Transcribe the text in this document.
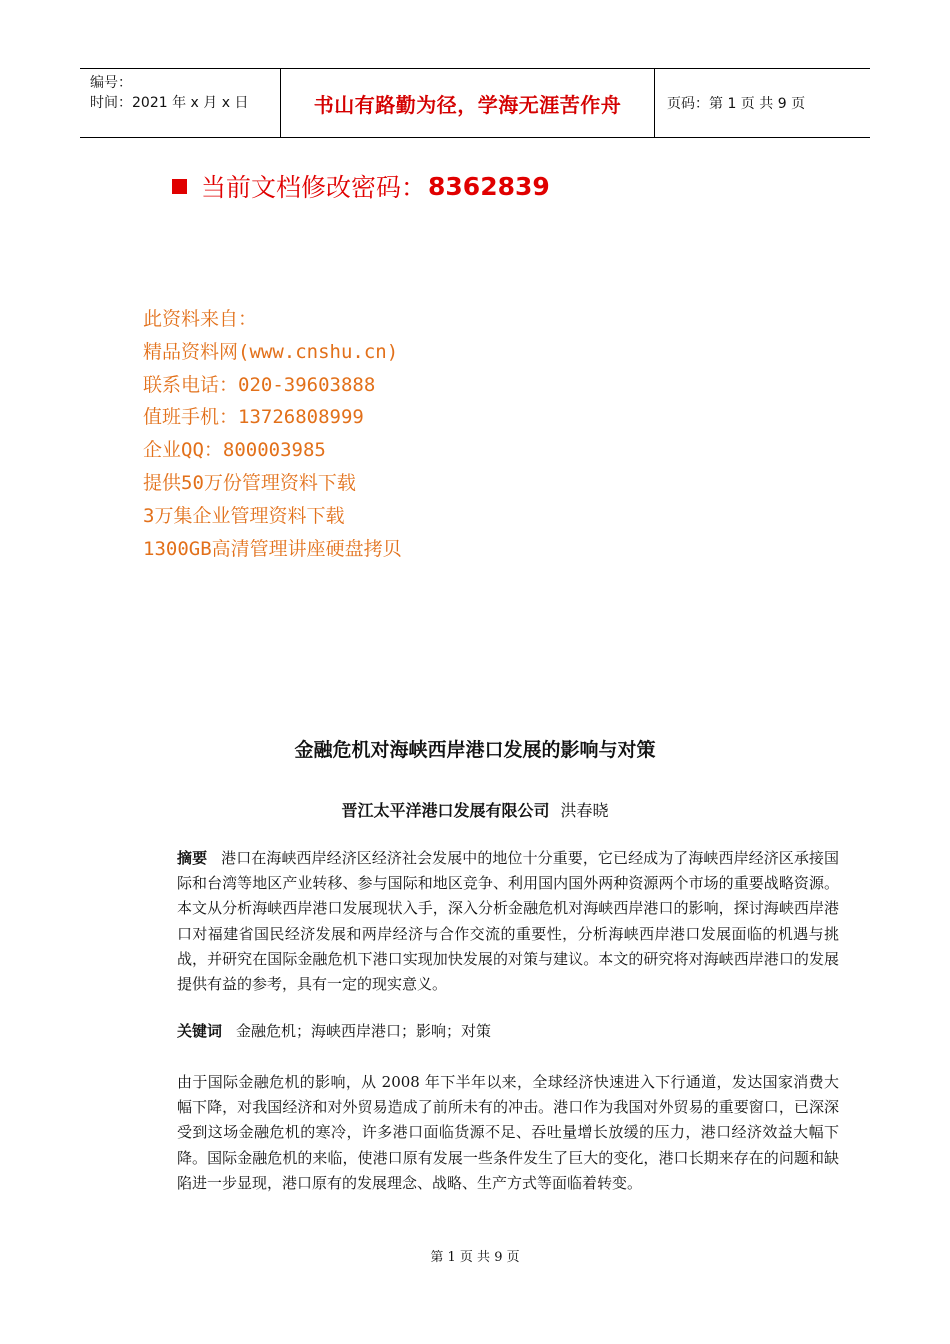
编号：
时间：2021 年 x 月 x 日	书山有路勤为径，学海无涯苦作舟	页码：第 1 页 共 9 页
当前文档修改密码： 8362839
此资料来自：
精品资料网(www.cnshu.cn)
联系电话：020-39603888
值班手机：13726808999
企业QQ：800003985
提供50万份管理资料下载
3万集企业管理资料下载
1300GB高清管理讲座硬盘拷贝
金融危机对海峡西岸港口发展的影响与对策
晋江太平洋港口发展有限公司 洪春晓
摘要 港口在海峡西岸经济区经济社会发展中的地位十分重要，它已经成为了海峡西岸经济区承接国际和台湾等地区产业转移、参与国际和地区竞争、利用国内国外两种资源两个市场的重要战略资源。本文从分析海峡西岸港口发展现状入手，深入分析金融危机对海峡西岸港口的影响，探讨海峡西岸港口对福建省国民经济发展和两岸经济与合作交流的重要性，分析海峡西岸港口发展面临的机遇与挑战，并研究在国际金融危机下港口实现加快发展的对策与建议。本文的研究将对海峡西岸港口的发展提供有益的参考，具有一定的现实意义。
关键词 金融危机；海峡西岸港口；影响；对策
由于国际金融危机的影响，从 2008 年下半年以来，全球经济快速进入下行通道，发达国家消费大幅下降，对我国经济和对外贸易造成了前所未有的冲击。港口作为我国对外贸易的重要窗口，已深深受到这场金融危机的寒冷，许多港口面临货源不足、吞吐量增长放缓的压力，港口经济效益大幅下降。国际金融危机的来临，使港口原有发展一些条件发生了巨大的变化，港口长期来存在的问题和缺陷进一步显现，港口原有的发展理念、战略、生产方式等面临着转变。
第 1 页 共 9 页
